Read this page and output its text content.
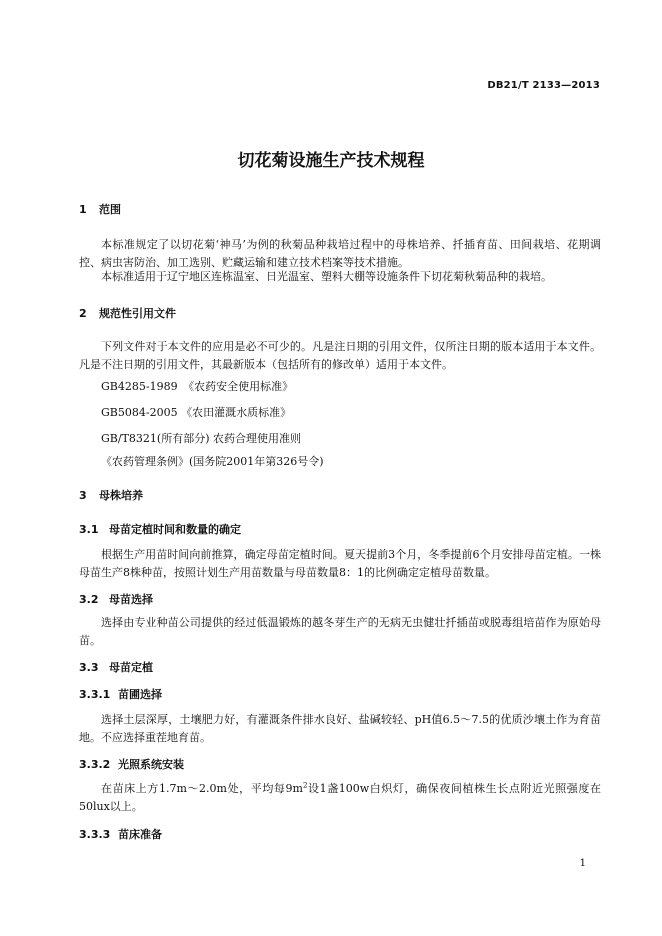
DB21/T 2133—2013
切花菊设施生产技术规程
1 范围
本标准规定了以切花菊‘神马’为例的秋菊品种栽培过程中的母株培养、扦插育苗、田间栽培、花期调控、病虫害防治、加工选别、贮藏运输和建立技术档案等技术措施。
本标准适用于辽宁地区连栋温室、日光温室、塑料大棚等设施条件下切花菊秋菊品种的栽培。
2 规范性引用文件
下列文件对于本文件的应用是必不可少的。凡是注日期的引用文件，仅所注日期的版本适用于本文件。凡是不注日期的引用文件，其最新版本（包括所有的修改单）适用于本文件。
GB4285-1989　《农药安全使用标准》
GB5084-2005 《农田灌溉水质标准》
GB/T8321(所有部分) 农药合理使用准则
《农药管理条例》(国务院2001年第326号令)
3 母株培养
3.1 母苗定植时间和数量的确定
根据生产用苗时间向前推算，确定母苗定植时间。夏天提前3个月，冬季提前6个月安排母苗定植。一株母苗生产8株种苗，按照计划生产用苗数量与母苗数量8：1的比例确定定植母苗数量。
3.2 母苗选择
选择由专业种苗公司提供的经过低温锻炼的越冬芽生产的无病无虫健壮扦插苗或脱毒组培苗作为原始母苗。
3.3 母苗定植
3.3.1 苗圃选择
选择土层深厚，土壤肥力好，有灌溉条件排水良好、盐碱较轻、pH值6.5～7.5的优质沙壤土作为育苗地。不应选择重茬地育苗。
3.3.2 光照系统安装
在苗床上方1.7m～2.0m处，平均每$9m^2$设1盏100w白炽灯，确保夜间植株生长点附近光照强度在50lux以上。
3.3.3 苗床准备
1
